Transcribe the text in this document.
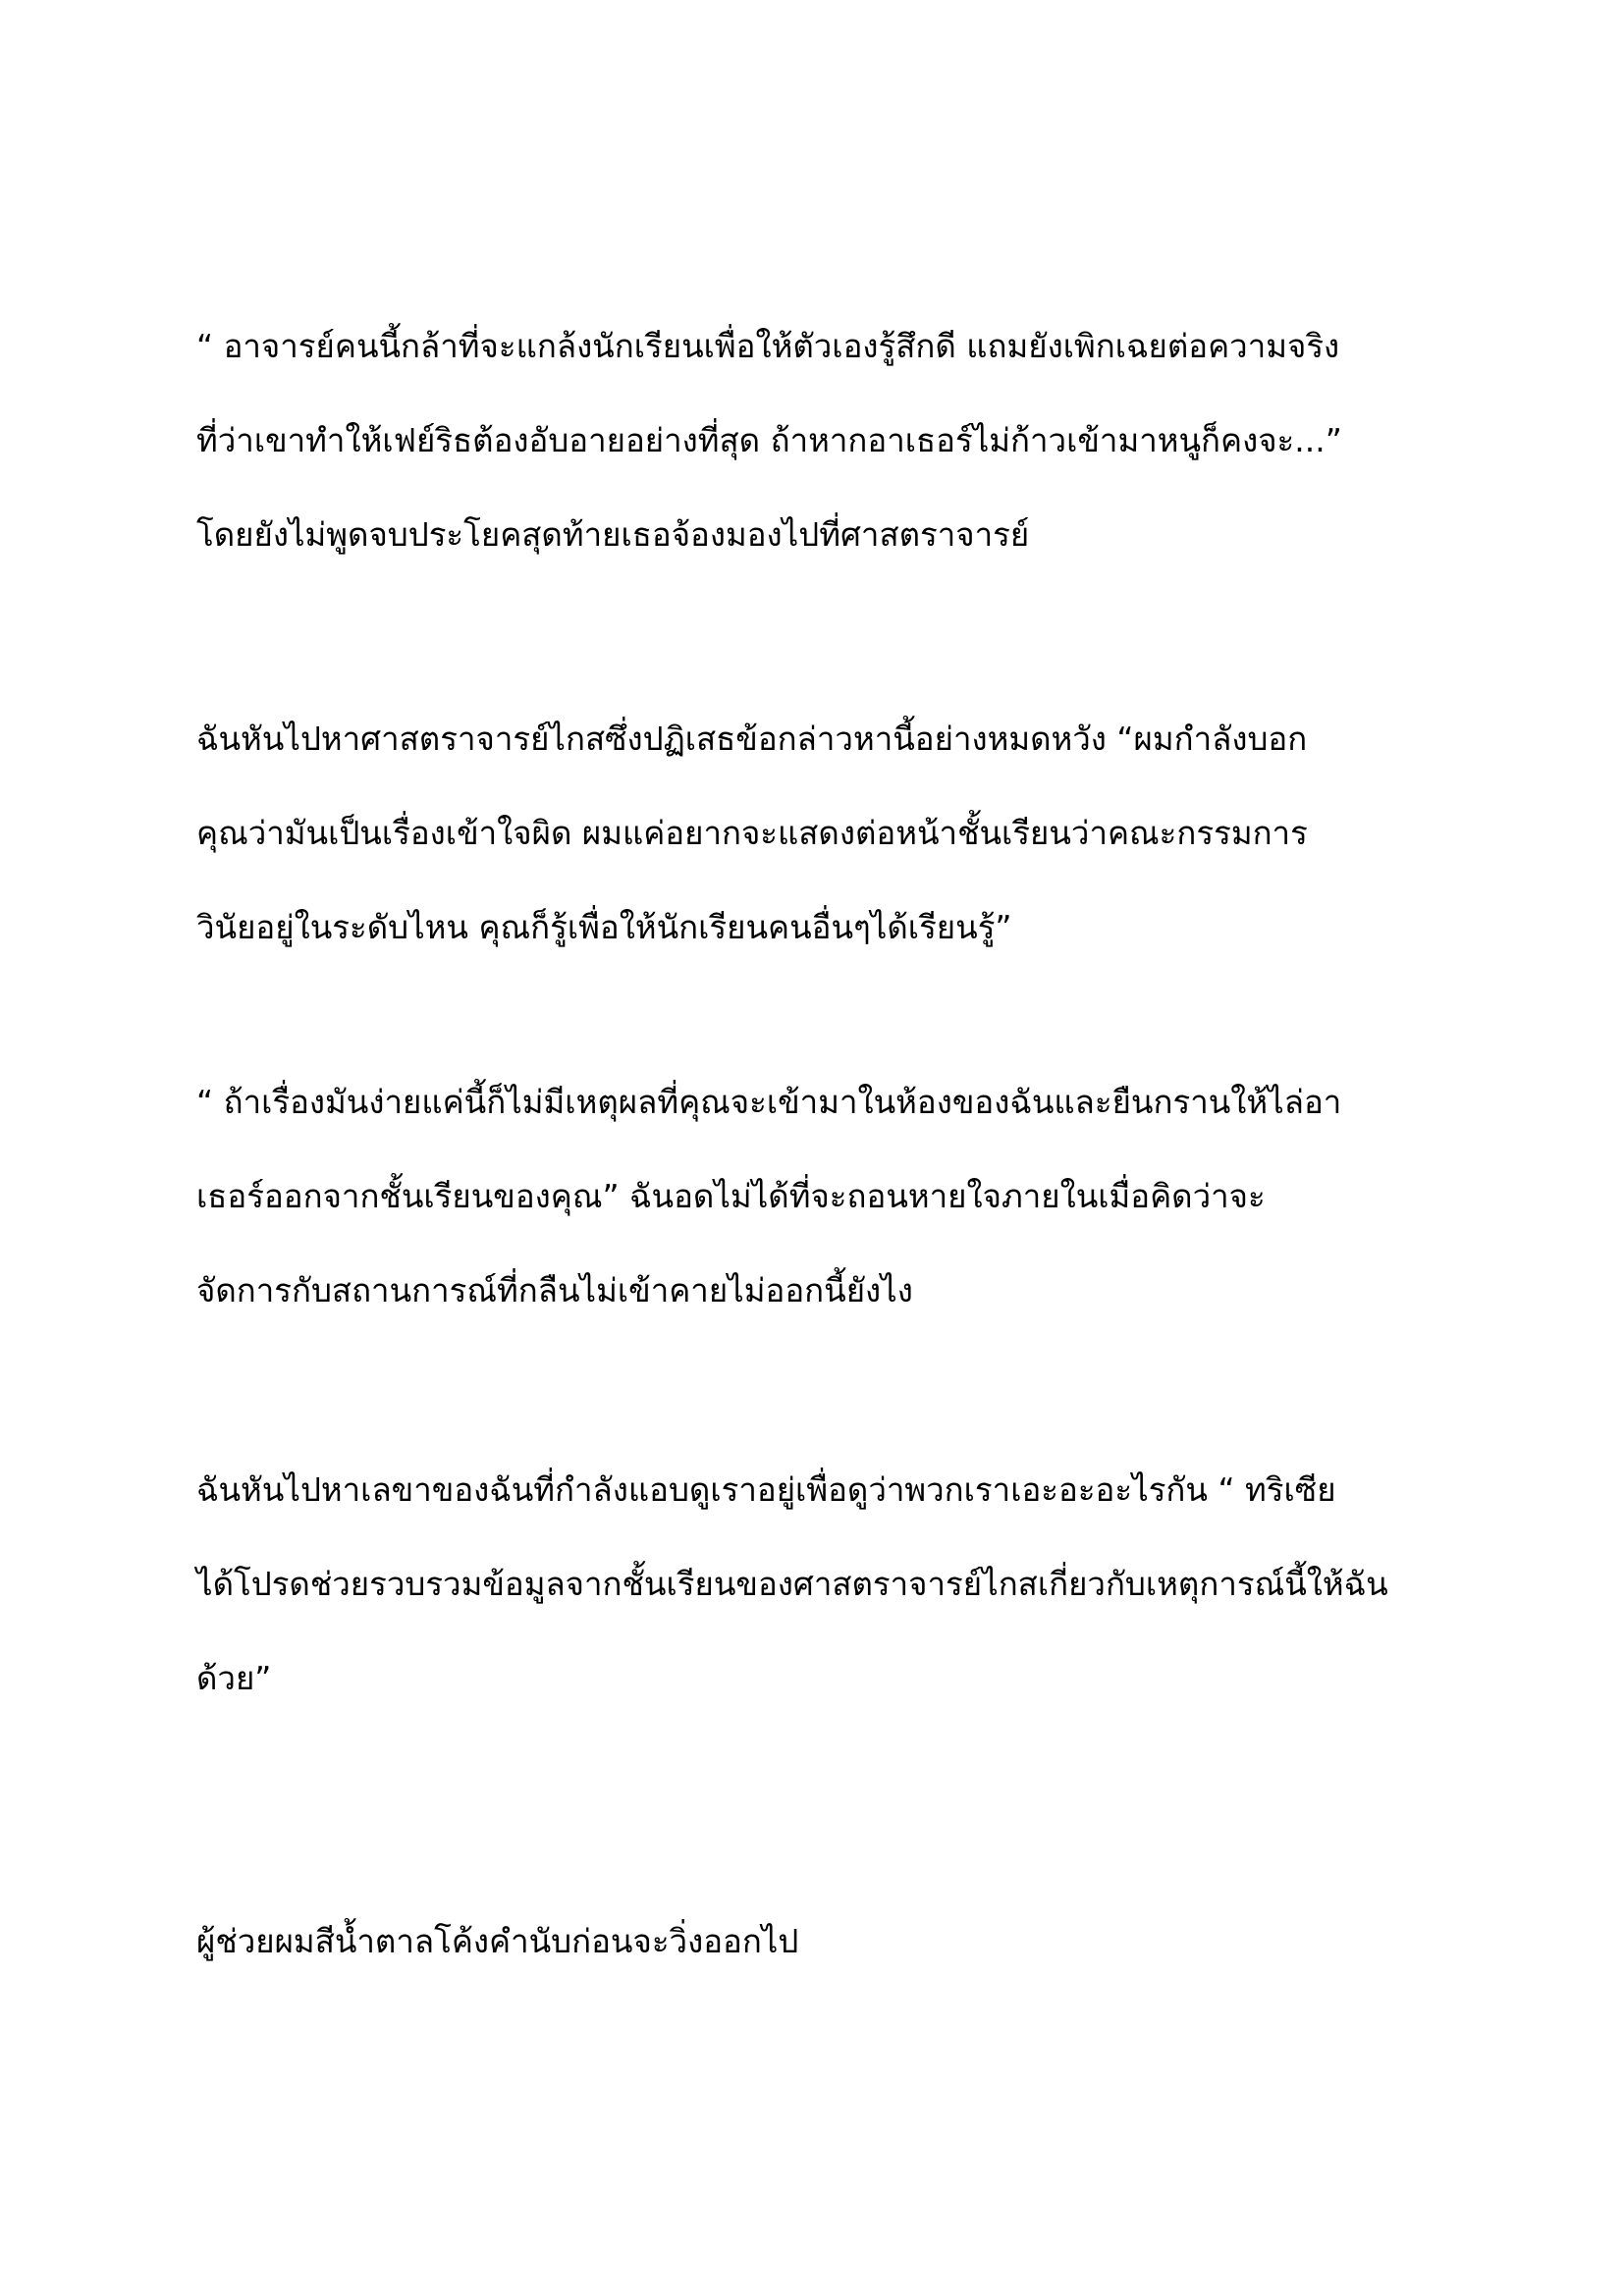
“ อาจารย์คนนี้กล้าที่จะแกล้งนักเรียนเพื่อให้ตัวเองรู้สึกดี แถมยังเพิกเฉยต่อความจริง
ที่ว่าเขาทำให้เฟย์ริธต้องอับอายอย่างที่สุด ถ้าหากอาเธอร์ไม่ก้าวเข้ามาหนูก็คงจะ...”
โดยยังไม่พูดจบประโยคสุดท้ายเธอจ้องมองไปที่ศาสตราจารย์
ฉันหันไปหาศาสตราจารย์ไกสซึ่งปฏิเสธข้อกล่าวหานี้อย่างหมดหวัง “ผมกำลังบอก
คุณว่ามันเป็นเรื่องเข้าใจผิด ผมแค่อยากจะแสดงต่อหน้าชั้นเรียนว่าคณะกรรมการ
วินัยอยู่ในระดับไหน คุณก็รู้เพื่อให้นักเรียนคนอื่นๆได้เรียนรู้”
“ ถ้าเรื่องมันง่ายแค่นี้ก็ไม่มีเหตุผลที่คุณจะเข้ามาในห้องของฉันและยืนกรานให้ไล่อา
เธอร์ออกจากชั้นเรียนของคุณ” ฉันอดไม่ได้ที่จะถอนหายใจภายในเมื่อคิดว่าจะ
จัดการกับสถานการณ์ที่กลืนไม่เข้าคายไม่ออกนี้ยังไง
ฉันหันไปหาเลขาของฉันที่กำลังแอบดูเราอยู่เพื่อดูว่าพวกเราเอะอะอะไรกัน “ ทริเซีย
ได้โปรดช่วยรวบรวมข้อมูลจากชั้นเรียนของศาสตราจารย์ไกสเกี่ยวกับเหตุการณ์นี้ให้ฉัน
ด้วย”
ผู้ช่วยผมสีน้ำตาลโค้งคำนับก่อนจะวิ่งออกไป
